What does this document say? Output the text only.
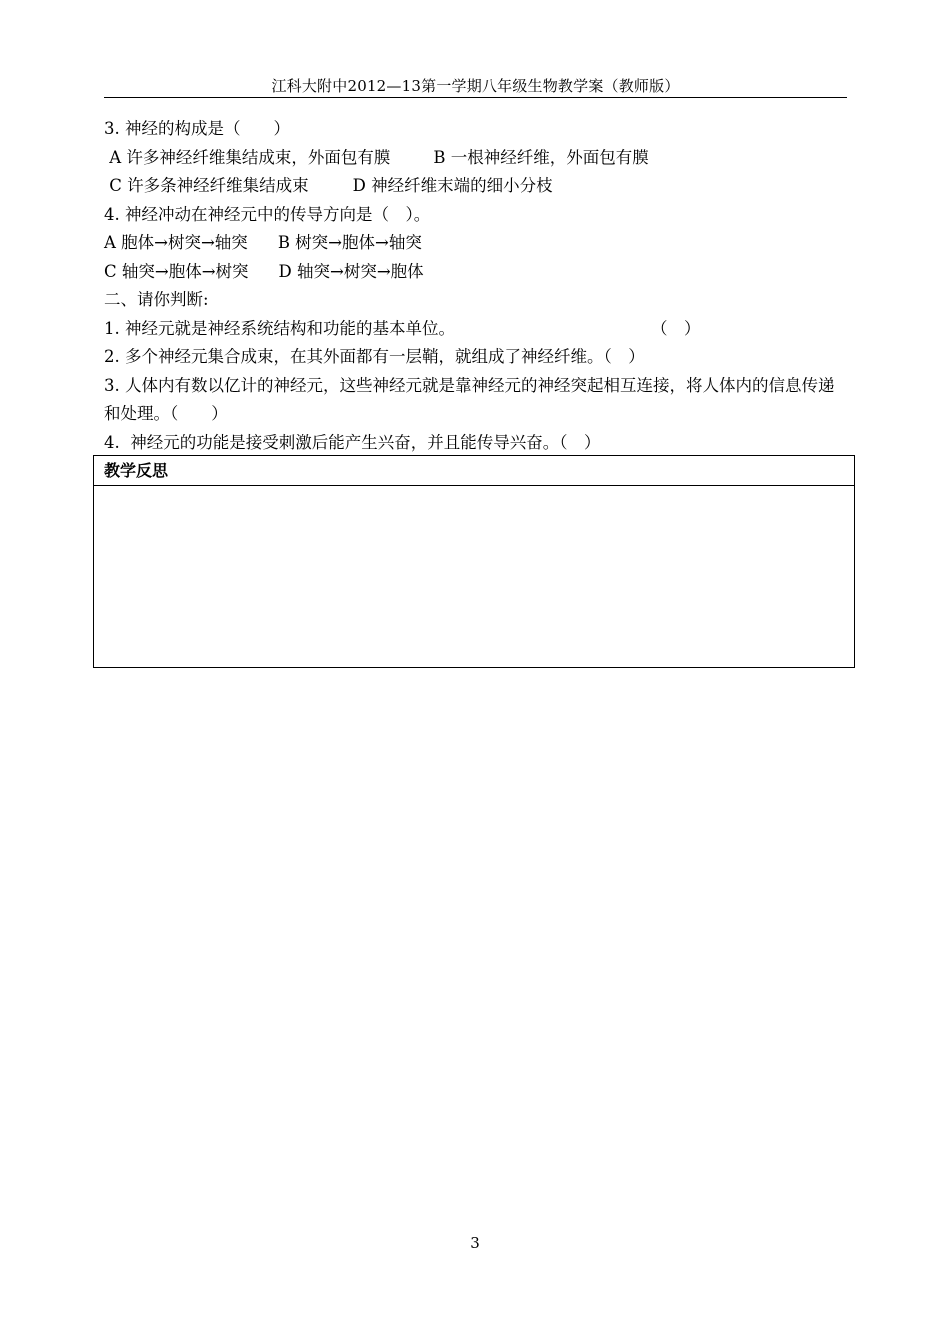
江科大附中2012—13第一学期八年级生物教学案（教师版）
3. 神经的构成是（　　）
A 许多神经纤维集结成束，外面包有膜	B 一根神经纤维，外面包有膜
C 许多条神经纤维集结成束	D 神经纤维末端的细小分枝
4. 神经冲动在神经元中的传导方向是（　）。
A 胞体→树突→轴突 B 树突→胞体→轴突
C 轴突→胞体→树突 D 轴突→树突→胞体
二、请你判断:
1. 神经元就是神经系统结构和功能的基本单位。	（　）
2. 多个神经元集合成束，在其外面都有一层鞘，就组成了神经纤维。（　）
3. 人体内有数以亿计的神经元，这些神经元就是靠神经元的神经突起相互连接，将人体内的信息传递和处理。（　　）
4.  神经元的功能是接受刺激后能产生兴奋，并且能传导兴奋。（　）
教学反思
3
